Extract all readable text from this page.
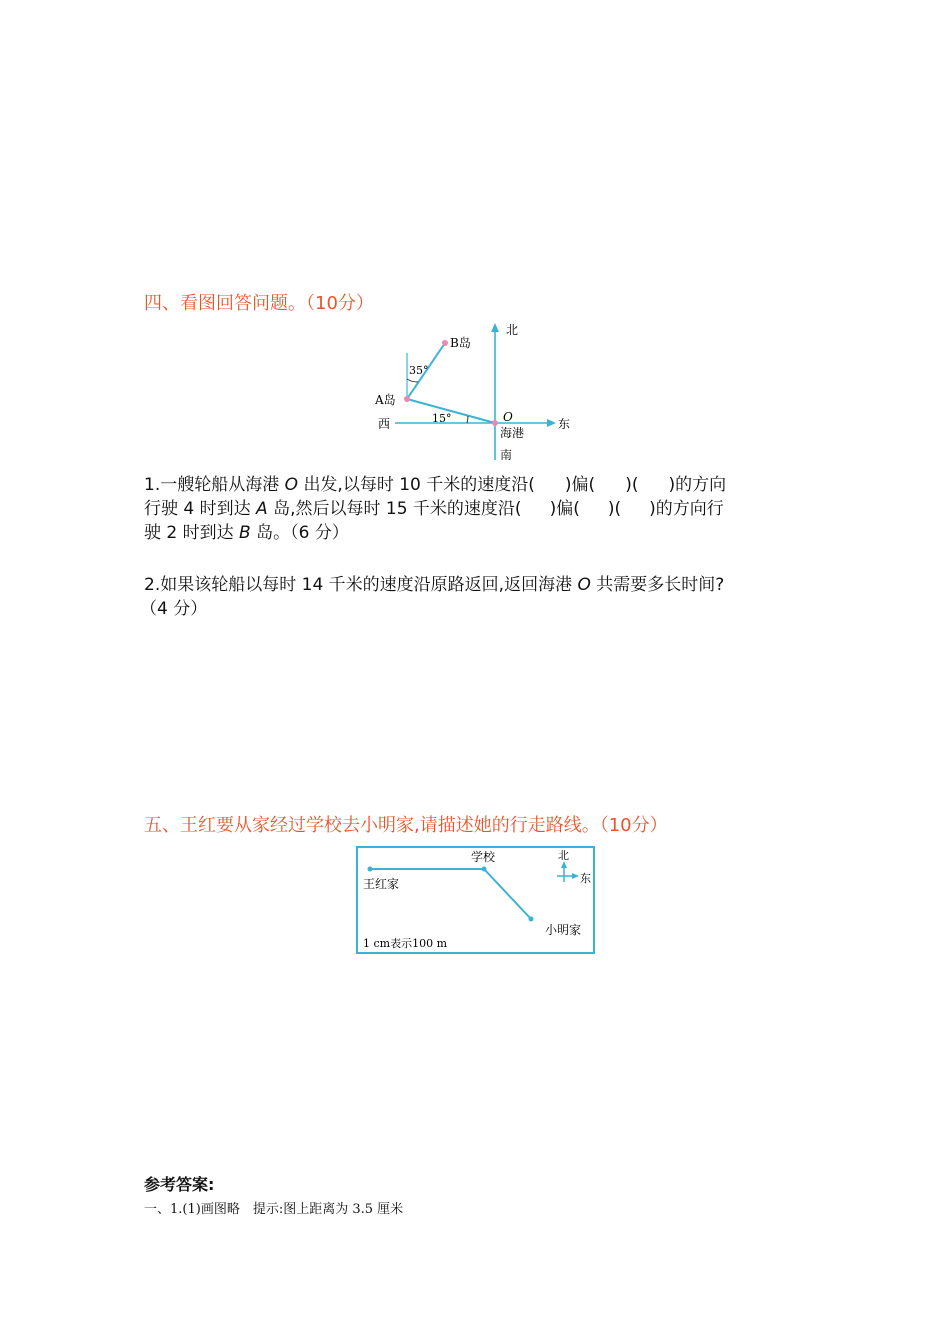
四、看图回答问题。（10分）
北
南
东
西	O
海港
A岛
B岛
35°
15°
1.一艘轮船从海港 O 出发,以每时 10 千米的速度沿( )偏( )( )的方向
行驶 4 时到达 A 岛,然后以每时 15 千米的速度沿( )偏( )( )的方向行
驶 2 时到达 B 岛。（6 分）
2.如果该轮船以每时 14 千米的速度沿原路返回,返回海港 O 共需要多长时间?
（4 分）
五、王红要从家经过学校去小明家,请描述她的行走路线。（10分）
王红家
学校
小明家
北
东
1 cm表示100 m
参考答案:
一、1.(1)画图略　提示:图上距离为 3.5 厘米
